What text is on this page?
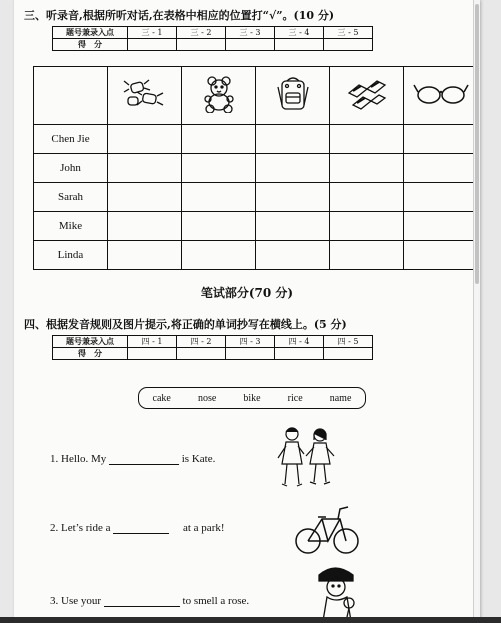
三、听录音,根据所听对话,在表格中相应的位置打“√”。(10 分)
题号兼录入点	三 - 1	三 - 2	三 - 3	三 - 4	三 - 5
得　分					

Chen Jie					
John					
Sarah					
Mike					
Linda					
笔试部分(70 分)
四、根据发音规则及图片提示,将正确的单词抄写在横线上。(5 分)
题号兼录入点	四 - 1	四 - 2	四 - 3	四 - 4	四 - 5
得　分					
cake	nose	bike	rice	name
1. Hello. My	is Kate.
2. Let’s ride a	at a park!
3. Use your	to smell a rose.
